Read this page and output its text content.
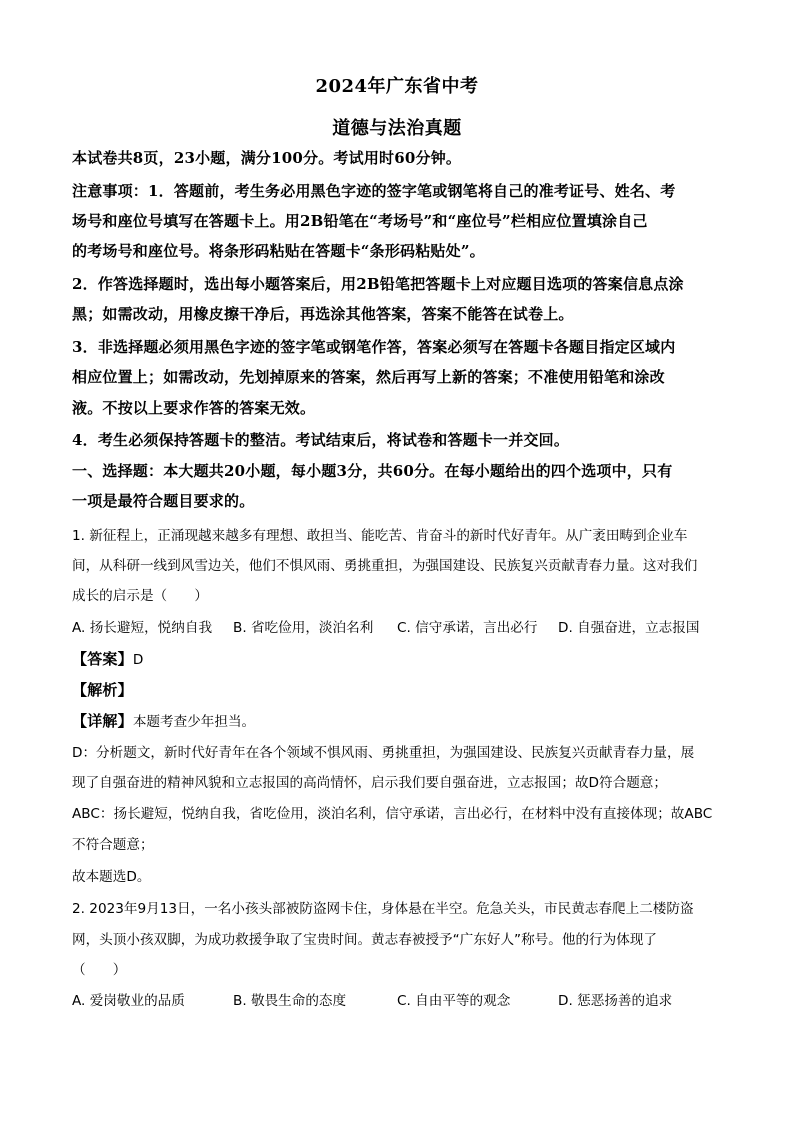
2024年广东省中考
道德与法治真题
本试卷共8页，23小题，满分100分。考试用时60分钟。
注意事项：1．答题前，考生务必用黑色字迹的签字笔或钢笔将自己的准考证号、姓名、考
场号和座位号填写在答题卡上。用2B铅笔在“考场号”和“座位号”栏相应位置填涂自己
的考场号和座位号。将条形码粘贴在答题卡“条形码粘贴处”。
2．作答选择题时，选出每小题答案后，用2B铅笔把答题卡上对应题目选项的答案信息点涂
黑；如需改动，用橡皮擦干净后，再选涂其他答案，答案不能答在试卷上。
3．非选择题必须用黑色字迹的签字笔或钢笔作答，答案必须写在答题卡各题目指定区域内
相应位置上；如需改动，先划掉原来的答案，然后再写上新的答案；不准使用铅笔和涂改
液。不按以上要求作答的答案无效。
4．考生必须保持答题卡的整洁。考试结束后，将试卷和答题卡一并交回。
一、选择题：本大题共20小题，每小题3分，共60分。在每小题给出的四个选项中，只有
一项是最符合题目要求的。
1. 新征程上，正涌现越来越多有理想、敢担当、能吃苦、肯奋斗的新时代好青年。从广袤田畴到企业车
间，从科研一线到风雪边关，他们不惧风雨、勇挑重担，为强国建设、民族复兴贡献青春力量。这对我们
成长的启示是（　　）
A. 扬长避短，悦纳自我 B. 省吃俭用，淡泊名利 C. 信守承诺，言出必行 D. 自强奋进，立志报国
【答案】D
【解析】
【详解】本题考查少年担当。
D：分析题文，新时代好青年在各个领域不惧风雨、勇挑重担，为强国建设、民族复兴贡献青春力量，展
现了自强奋进的精神风貌和立志报国的高尚情怀，启示我们要自强奋进，立志报国；故D符合题意；
ABC：扬长避短，悦纳自我，省吃俭用，淡泊名利，信守承诺，言出必行，在材料中没有直接体现；故ABC
不符合题意；
故本题选D。
2. 2023年9月13日，一名小孩头部被防盗网卡住，身体悬在半空。危急关头，市民黄志春爬上二楼防盗
网，头顶小孩双脚，为成功救援争取了宝贵时间。黄志春被授予“广东好人”称号。他的行为体现了
（　　）
A. 爱岗敬业的品质	B. 敬畏生命的态度	C. 自由平等的观念	D. 惩恶扬善的追求
